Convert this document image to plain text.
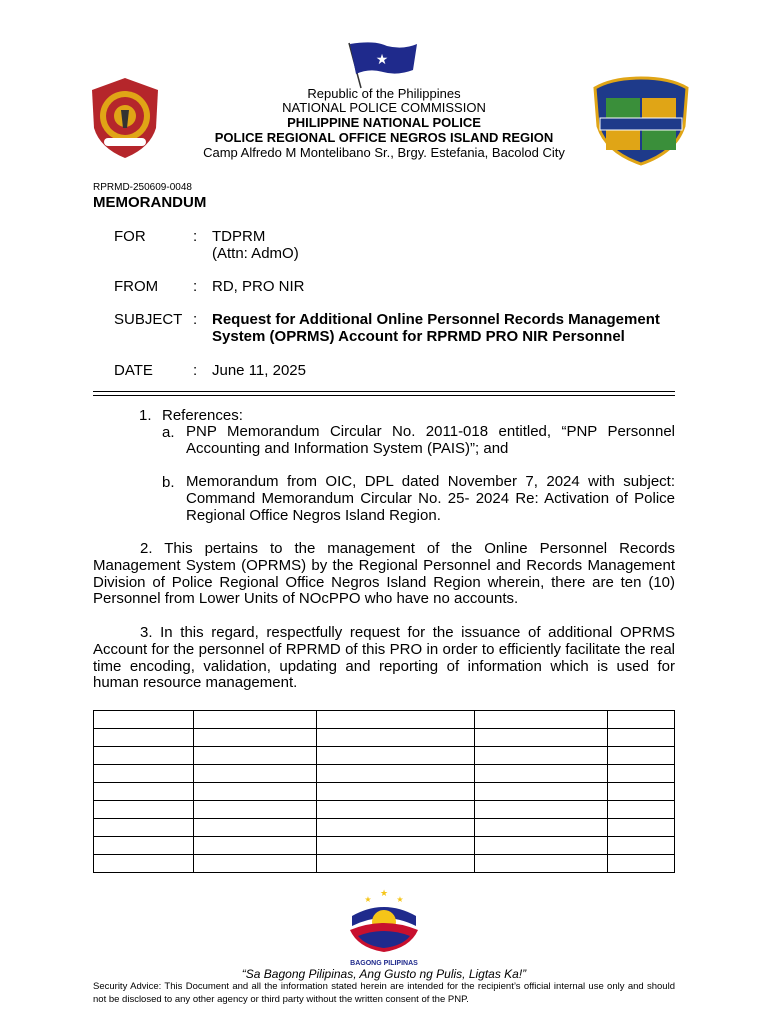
★
Republic of the Philippines
NATIONAL POLICE COMMISSION
PHILIPPINE NATIONAL POLICE
POLICE REGIONAL OFFICE NEGROS ISLAND REGION
Camp Alfredo M Montelibano Sr., Brgy. Estefania, Bacolod City
RPRMD-250609-0048
MEMORANDUM
FOR	: TDPRM
(Attn: AdmO)
FROM : RD, PRO NIR
SUBJECT : Request for Additional Online Personnel Records Management
System (OPRMS) Account for RPRMD PRO NIR Personnel
DATE	: June 11, 2025
1. References:
a. PNP Memorandum Circular No. 2011-018 entitled, “PNP Personnel Accounting and Information System (PAIS)”; and
b. Memorandum from OIC, DPL dated November 7, 2024 with subject: Command Memorandum Circular No. 25- 2024 Re: Activation of Police Regional Office Negros Island Region.
2. This pertains to the management of the Online Personnel Records Management System (OPRMS) by the Regional Personnel and Records Management Division of Police Regional Office Negros Island Region wherein, there are ten (10) Personnel from Lower Units of NOcPPO who have no accounts.
3. In this regard, respectfully request for the issuance of additional OPRMS Account for the personnel of RPRMD of this PRO in order to efficiently facilitate the real time encoding, validation, updating and reporting of information which is used for human resource management.

★
★	★
BAGONG PILIPINAS
“Sa Bagong Pilipinas, Ang Gusto ng Pulis, Ligtas Ka!”
Security Advice: This Document and all the information stated herein are intended for the recipient’s official internal use only and should not be disclosed to any other agency or third party without the written consent of the PNP.
